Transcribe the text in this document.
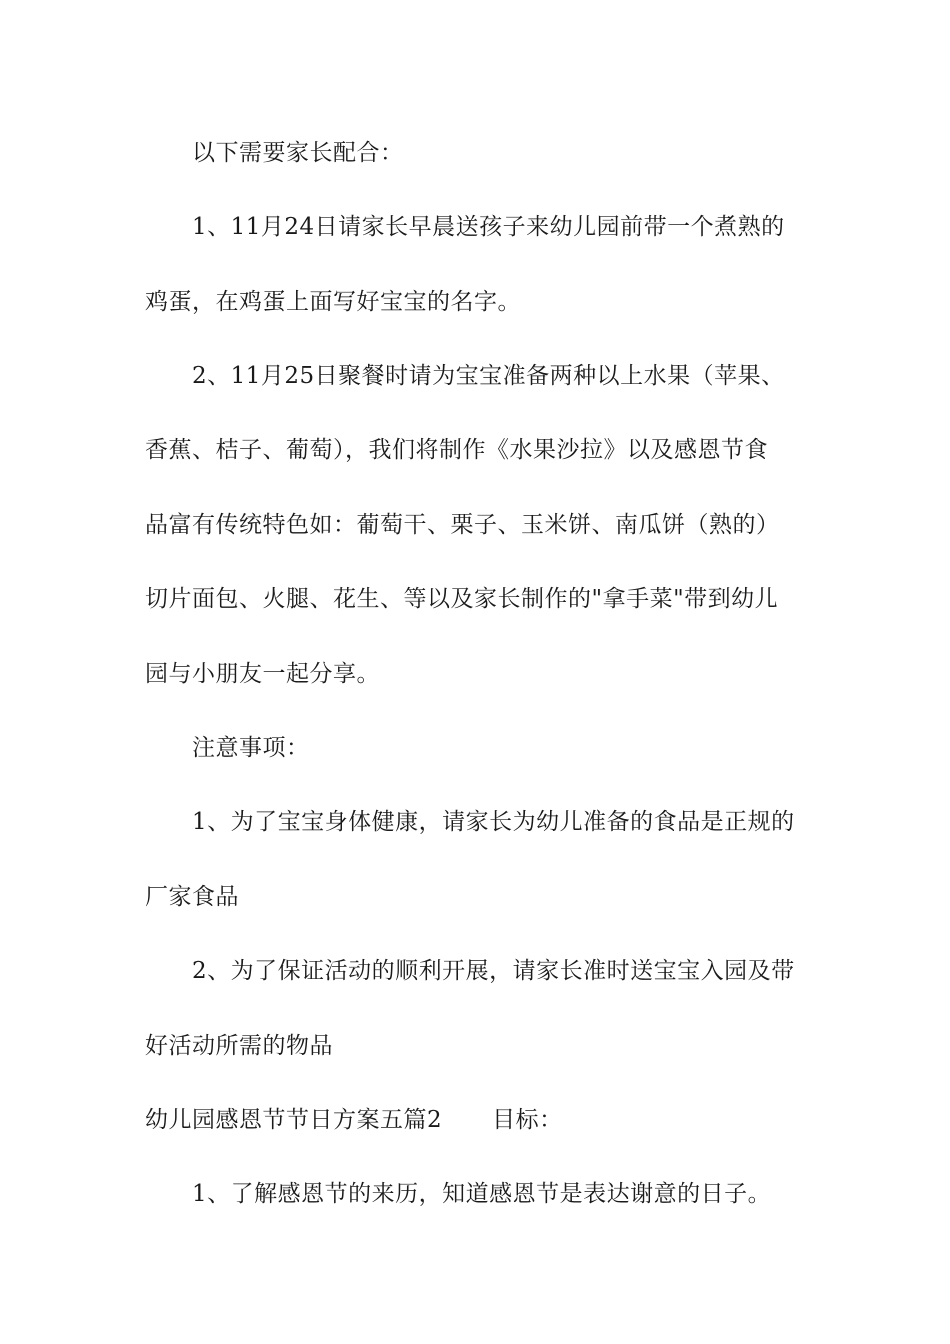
以下需要家长配合：
1、11月24日请家长早晨送孩子来幼儿园前带一个煮熟的
鸡蛋，在鸡蛋上面写好宝宝的名字。
2、11月25日聚餐时请为宝宝准备两种以上水果（苹果、
香蕉、桔子、葡萄），我们将制作《水果沙拉》以及感恩节食
品富有传统特色如：葡萄干、栗子、玉米饼、南瓜饼（熟的）
切片面包、火腿、花生、等以及家长制作的"拿手菜"带到幼儿
园与小朋友一起分享。
注意事项：
1、为了宝宝身体健康，请家长为幼儿准备的食品是正规的
厂家食品
2、为了保证活动的顺利开展，请家长准时送宝宝入园及带
好活动所需的物品
幼儿园感恩节节日方案五篇2 目标：
1、了解感恩节的来历，知道感恩节是表达谢意的日子。
